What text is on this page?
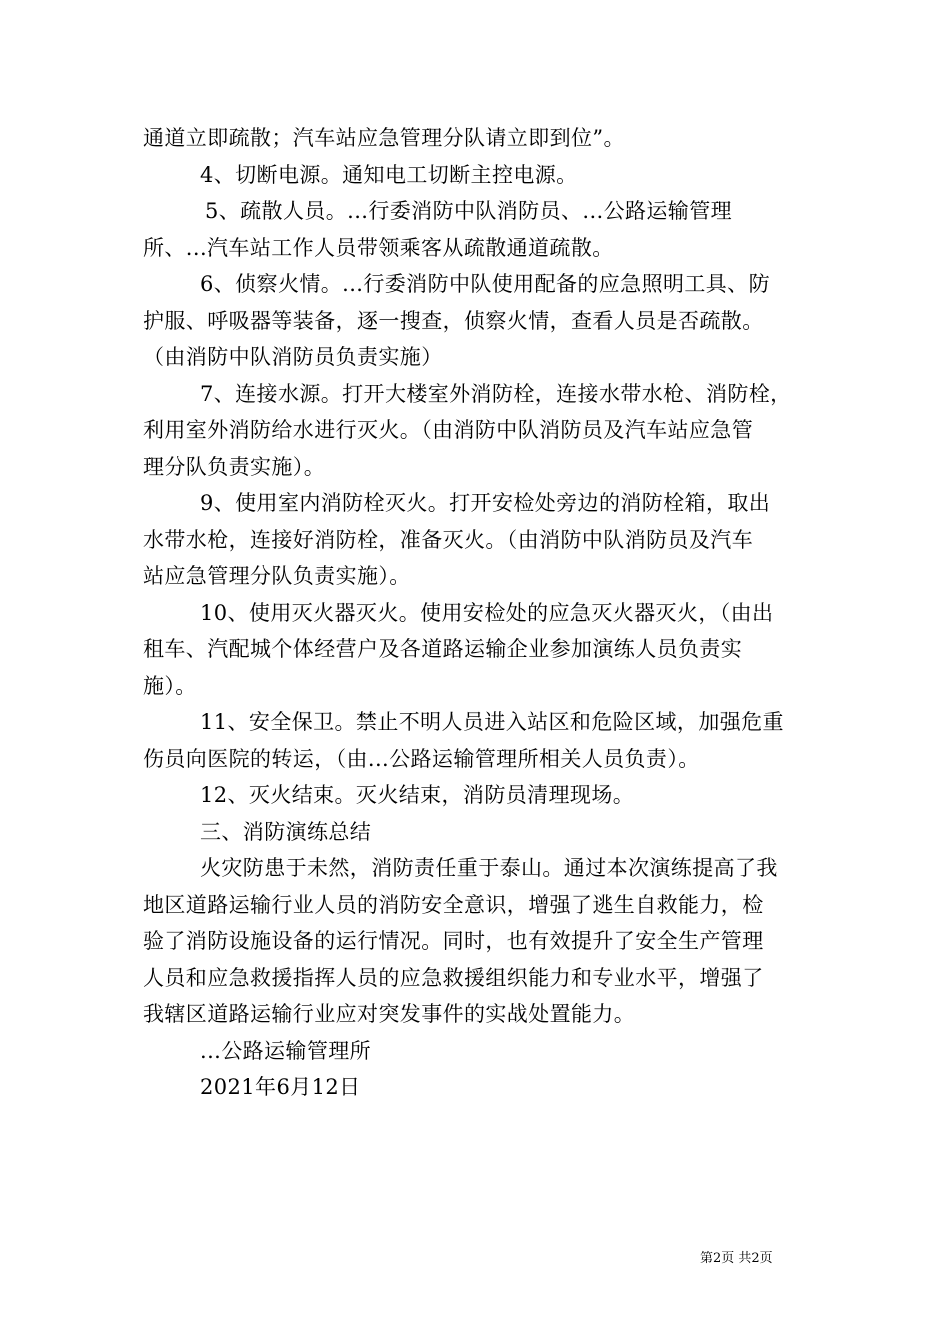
通道立即疏散；汽车站应急管理分队请立即到位”。
4、切断电源。通知电工切断主控电源。
5、疏散人员。...行委消防中队消防员、...公路运输管理
所、...汽车站工作人员带领乘客从疏散通道疏散。
6、侦察火情。...行委消防中队使用配备的应急照明工具、防
护服、呼吸器等装备，逐一搜查，侦察火情，查看人员是否疏散。
（由消防中队消防员负责实施）
7、连接水源。打开大楼室外消防栓，连接水带水枪、消防栓，
利用室外消防给水进行灭火。（由消防中队消防员及汽车站应急管
理分队负责实施）。
9、使用室内消防栓灭火。打开安检处旁边的消防栓箱，取出
水带水枪，连接好消防栓，准备灭火。（由消防中队消防员及汽车
站应急管理分队负责实施）。
10、使用灭火器灭火。使用安检处的应急灭火器灭火，（由出
租车、汽配城个体经营户及各道路运输企业参加演练人员负责实
施）。
11、安全保卫。禁止不明人员进入站区和危险区域，加强危重
伤员向医院的转运，（由...公路运输管理所相关人员负责）。
12、灭火结束。灭火结束，消防员清理现场。
三、消防演练总结
火灾防患于未然，消防责任重于泰山。通过本次演练提高了我
地区道路运输行业人员的消防安全意识，增强了逃生自救能力，检
验了消防设施设备的运行情况。同时，也有效提升了安全生产管理
人员和应急救援指挥人员的应急救援组织能力和专业水平，增强了
我辖区道路运输行业应对突发事件的实战处置能力。
...公路运输管理所
2021年6月12日
第2页 共2页
